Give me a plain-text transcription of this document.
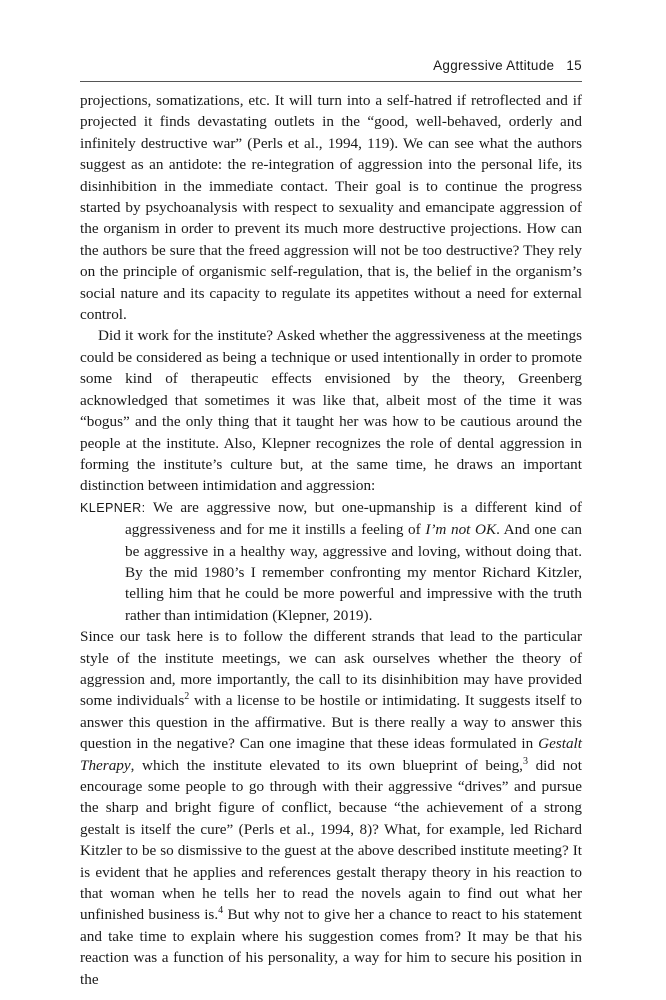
Aggressive Attitude 15

projections, somatizations, etc. It will turn into a self-hatred if retroflected and if projected it finds devastating outlets in the “good, well-behaved, orderly and infinitely destructive war” (Perls et al., 1994, 119). We can see what the authors suggest as an antidote: the re-integration of aggression into the personal life, its disinhibition in the immediate contact. Their goal is to continue the progress started by psychoanalysis with respect to sexuality and emancipate aggression of the organism in order to prevent its much more destructive projections. How can the authors be sure that the freed aggression will not be too destructive? They rely on the principle of organismic self-regulation, that is, the belief in the organism’s social nature and its capacity to regulate its appetites without a need for external control.

Did it work for the institute? Asked whether the aggressiveness at the meetings could be considered as being a technique or used intentionally in order to promote some kind of therapeutic effects envisioned by the theory, Greenberg acknowledged that sometimes it was like that, albeit most of the time it was “bogus” and the only thing that it taught her was how to be cautious around the people at the institute. Also, Klepner recognizes the role of dental aggression in forming the institute’s culture but, at the same time, he draws an important distinction between intimidation and aggression:

KLEPNER: We are aggressive now, but one-upmanship is a different kind of aggressiveness and for me it instills a feeling of I’m not OK. And one can be aggressive in a healthy way, aggressive and loving, without doing that. By the mid 1980’s I remember confronting my mentor Richard Kitzler, telling him that he could be more powerful and impressive with the truth rather than intimidation (Klepner, 2019).

Since our task here is to follow the different strands that lead to the particular style of the institute meetings, we can ask ourselves whether the theory of aggression and, more importantly, the call to its disinhibition may have provided some individuals$^2$ with a license to be hostile or intimidating. It suggests itself to answer this question in the affirmative. But is there really a way to answer this question in the negative? Can one imagine that these ideas formulated in Gestalt Therapy, which the institute elevated to its own blueprint of being,$^3$ did not encourage some people to go through with their aggressive “drives” and pursue the sharp and bright figure of conflict, because “the achievement of a strong gestalt is itself the cure” (Perls et al., 1994, 8)? What, for example, led Richard Kitzler to be so dismissive to the guest at the above described institute meeting? It is evident that he applies and references gestalt therapy theory in his reaction to that woman when he tells her to read the novels again to find out what her unfinished business is.$^4$ But why not to give her a chance to react to his statement and take time to explain where his suggestion comes from? It may be that his reaction was a function of his personality, a way for him to secure his position in the
